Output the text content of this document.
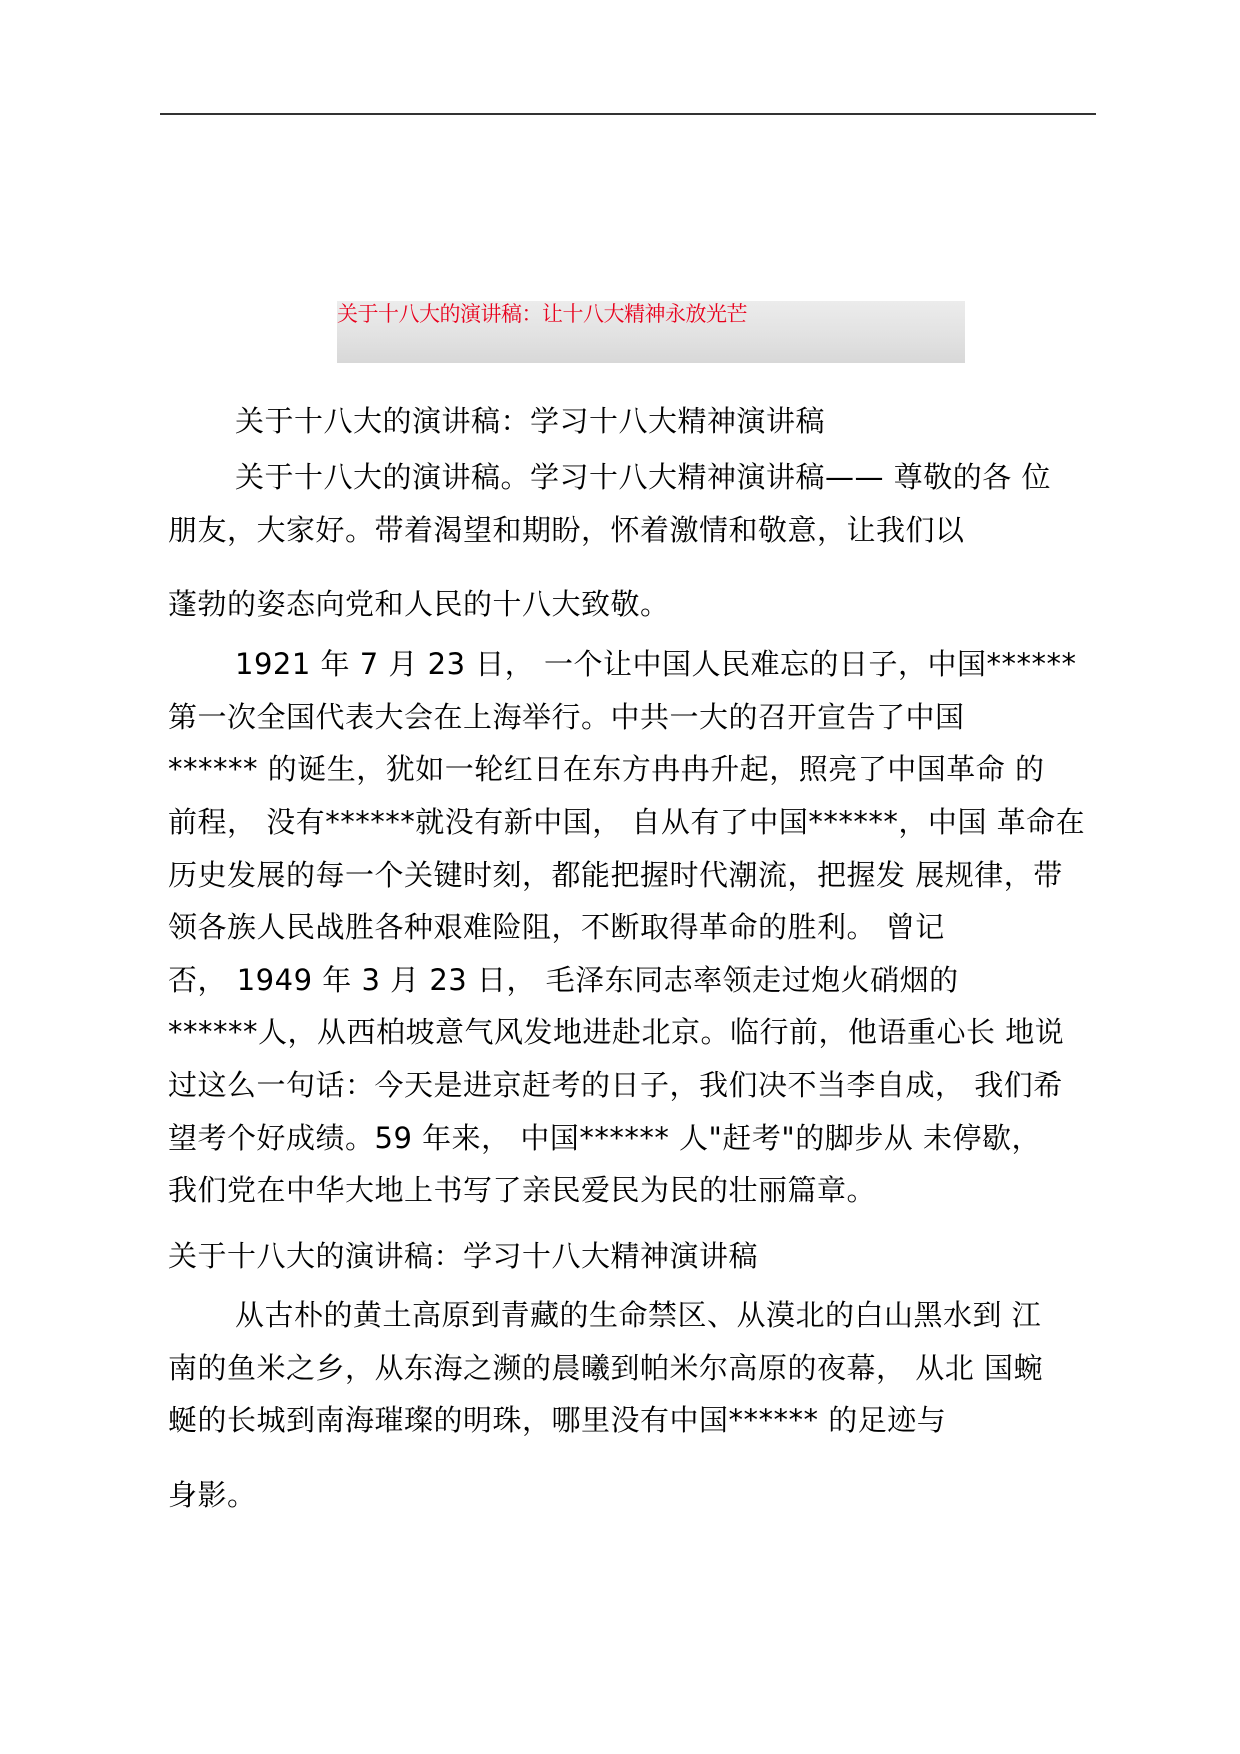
关于十八大的演讲稿：让十八大精神永放光芒
关于十八大的演讲稿：学习十八大精神演讲稿
关于十八大的演讲稿。学习十八大精神演讲稿—— 尊敬的各 位
朋友，大家好。带着渴望和期盼，怀着激情和敬意，让我们以
蓬勃的姿态向党和人民的十八大致敬。
1921 年 7 月 23 日， 一个让中国人民难忘的日子，中国******
第一次全国代表大会在上海举行。中共一大的召开宣告了中国
****** 的诞生，犹如一轮红日在东方冉冉升起，照亮了中国革命 的
前程， 没有******就没有新中国， 自从有了中国******，中国 革命在
历史发展的每一个关键时刻，都能把握时代潮流，把握发 展规律，带
领各族人民战胜各种艰难险阻，不断取得革命的胜利。 曾记
否， 1949 年 3 月 23 日， 毛泽东同志率领走过炮火硝烟的
******人，从西柏坡意气风发地进赴北京。临行前，他语重心长 地说
过这么一句话：今天是进京赶考的日子，我们决不当李自成， 我们希
望考个好成绩。59 年来， 中国****** 人"赶考"的脚步从 未停歇，
我们党在中华大地上书写了亲民爱民为民的壮丽篇章。
关于十八大的演讲稿：学习十八大精神演讲稿
从古朴的黄土高原到青藏的生命禁区、从漠北的白山黑水到 江
南的鱼米之乡，从东海之濒的晨曦到帕米尔高原的夜幕， 从北 国蜿
蜒的长城到南海璀璨的明珠，哪里没有中国****** 的足迹与
身影。
